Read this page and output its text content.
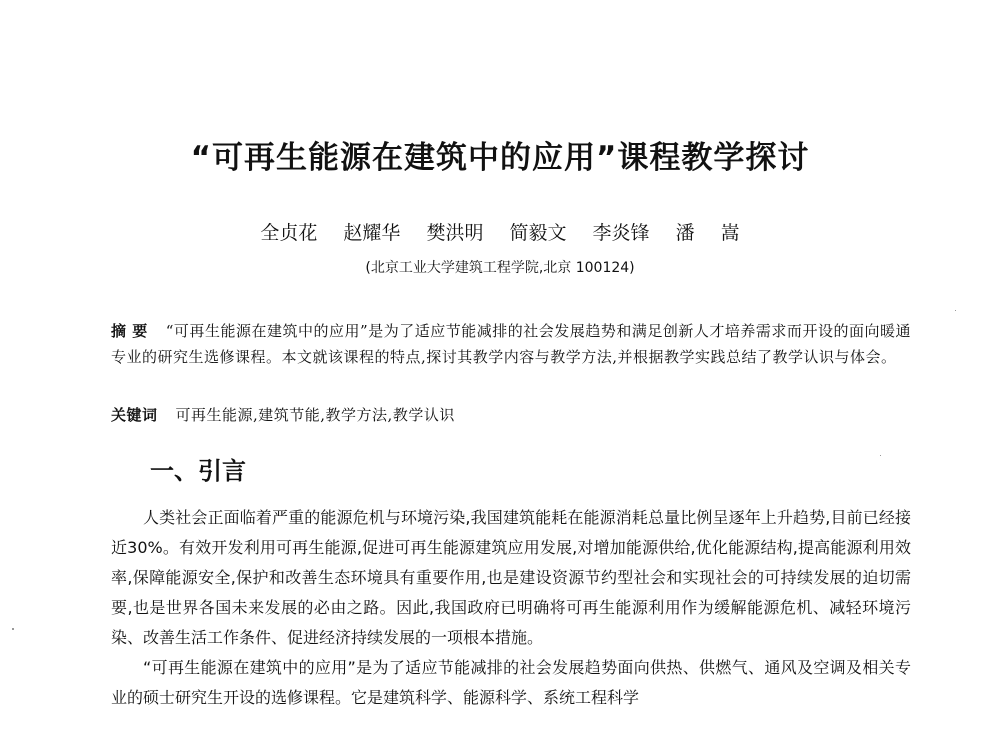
“可再生能源在建筑中的应用”课程教学探讨
全贞花 赵耀华 樊洪明 简毅文 李炎锋 潘 嵩
(北京工业大学建筑工程学院,北京 100124)
摘 要 “可再生能源在建筑中的应用”是为了适应节能减排的社会发展趋势和满足创新人才培养需求而开设的面向暖通专业的研究生选修课程。本文就该课程的特点,探讨其教学内容与教学方法,并根据教学实践总结了教学认识与体会。
关键词 可再生能源,建筑节能,教学方法,教学认识
一、引言

人类社会正面临着严重的能源危机与环境污染,我国建筑能耗在能源消耗总量比例呈逐年上升趋势,目前已经接近30%。有效开发利用可再生能源,促进可再生能源建筑应用发展,对增加能源供给,优化能源结构,提高能源利用效率,保障能源安全,保护和改善生态环境具有重要作用,也是建设资源节约型社会和实现社会的可持续发展的迫切需要,也是世界各国未来发展的必由之路。因此,我国政府已明确将可再生能源利用作为缓解能源危机、减轻环境污染、改善生活工作条件、促进经济持续发展的一项根本措施。

“可再生能源在建筑中的应用”是为了适应节能减排的社会发展趋势面向供热、供燃气、通风及空调及相关专业的硕士研究生开设的选修课程。它是建筑科学、能源科学、系统工程科学
